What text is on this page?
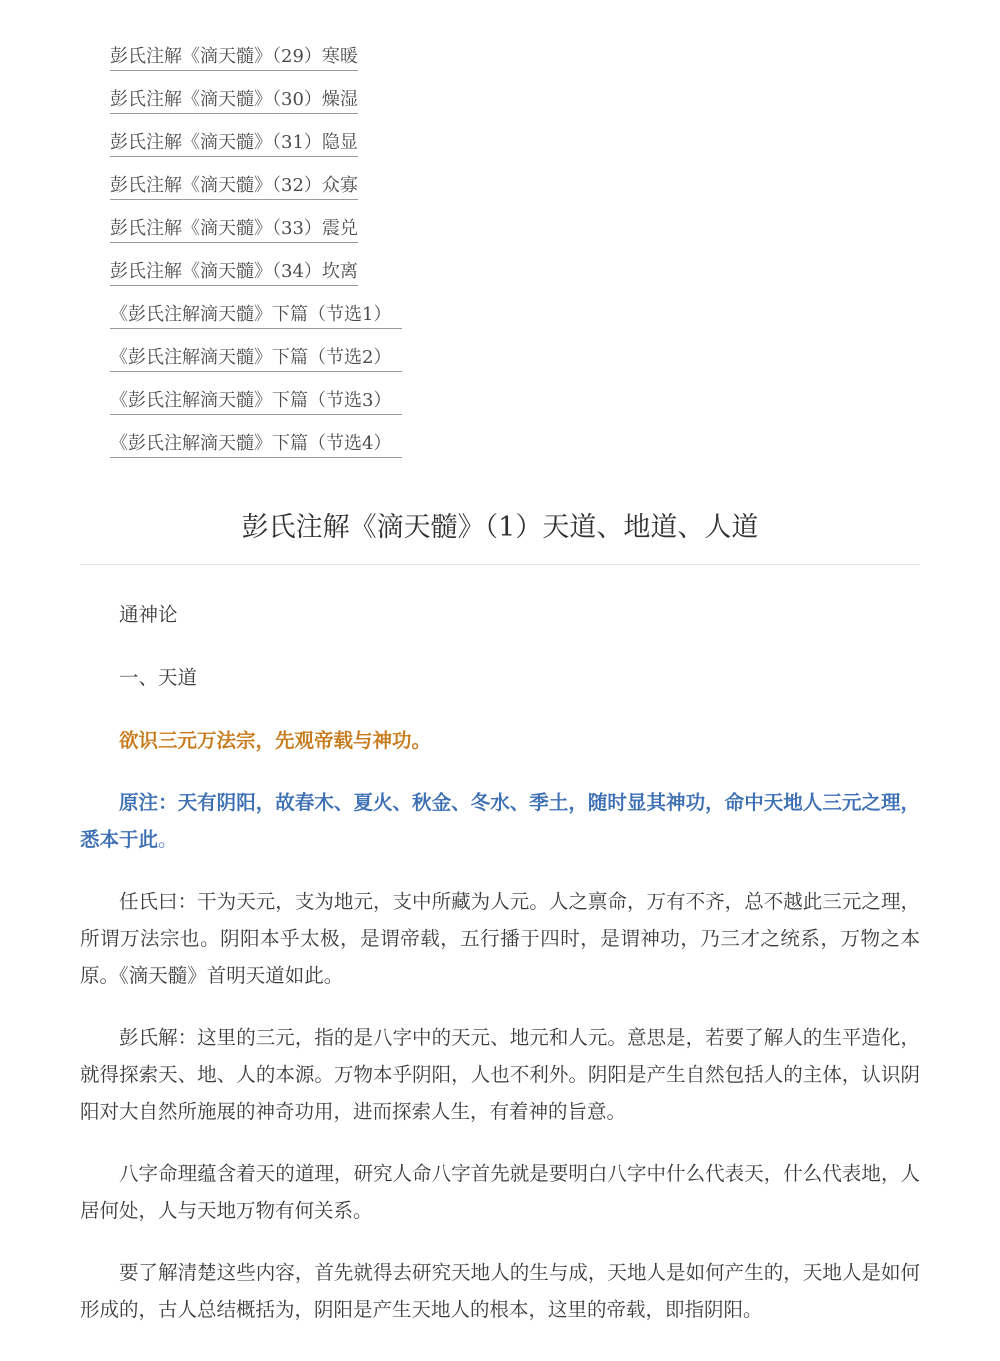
彭氏注解《滴天髓》（29）寒暖
彭氏注解《滴天髓》（30）燥湿
彭氏注解《滴天髓》（31）隐显
彭氏注解《滴天髓》（32）众寡
彭氏注解《滴天髓》（33）震兑
彭氏注解《滴天髓》（34）坎离
《彭氏注解滴天髓》下篇（节选1）
《彭氏注解滴天髓》下篇（节选2）
《彭氏注解滴天髓》下篇（节选3）
《彭氏注解滴天髓》下篇（节选4）
彭氏注解《滴天髓》（1）天道、地道、人道

通神论

一、天道

欲识三元万法宗，先观帝载与神功。

原注：天有阴阳，故春木、夏火、秋金、冬水、季土，随时显其神功，命中天地人三元之理，悉本于此。

任氏曰：干为天元，支为地元，支中所藏为人元。人之禀命，万有不齐，总不越此三元之理，所谓万法宗也。阴阳本乎太极，是谓帝载，五行播于四时，是谓神功，乃三才之统系，万物之本原。《滴天髓》首明天道如此。

彭氏解：这里的三元，指的是八字中的天元、地元和人元。意思是，若要了解人的生平造化，就得探索天、地、人的本源。万物本乎阴阳，人也不利外。阴阳是产生自然包括人的主体，认识阴阳对大自然所施展的神奇功用，进而探索人生，有着神的旨意。

八字命理蕴含着天的道理，研究人命八字首先就是要明白八字中什么代表天，什么代表地，人居何处，人与天地万物有何关系。

要了解清楚这些内容，首先就得去研究天地人的生与成，天地人是如何产生的，天地人是如何形成的，古人总结概括为，阴阳是产生天地人的根本，这里的帝载，即指阴阳。
